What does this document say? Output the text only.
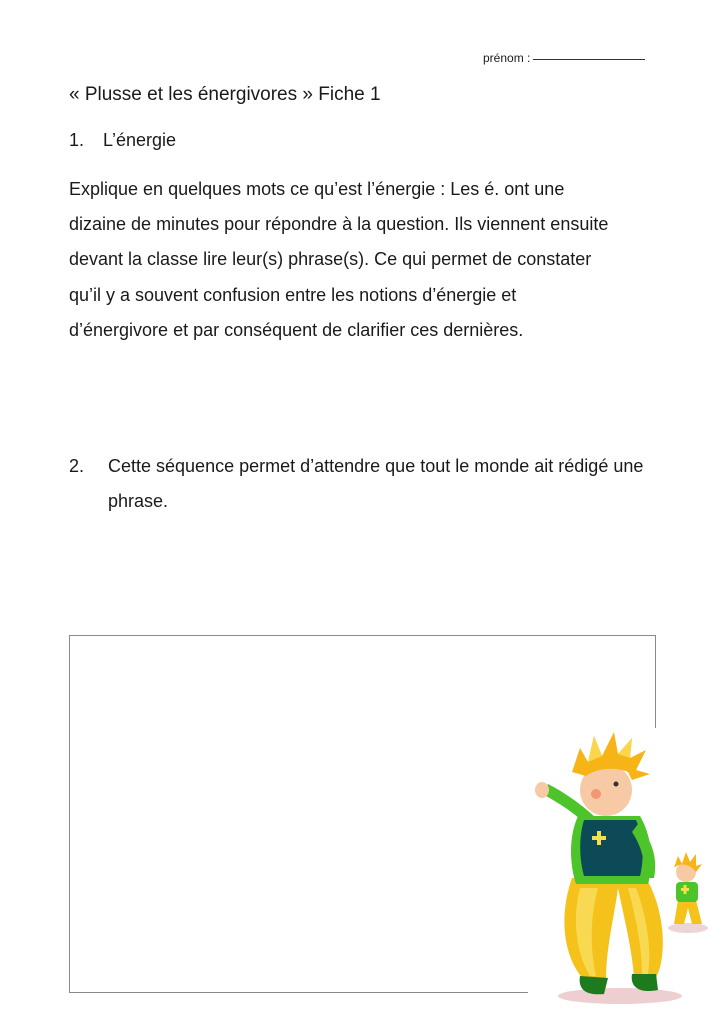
prénom :
« Plusse et les énergivores » Fiche 1
1. L’énergie
Explique en quelques mots ce qu’est l’énergie : Les é. ont une
dizaine de minutes pour répondre à la question. Ils viennent ensuite
devant la classe lire leur(s) phrase(s). Ce qui permet de constater
qu’il y a souvent confusion entre les notions d’énergie et
d’énergivore et par conséquent de clarifier ces dernières.
2. Cette séquence permet d’attendre que tout le monde ait rédigé une phrase.
